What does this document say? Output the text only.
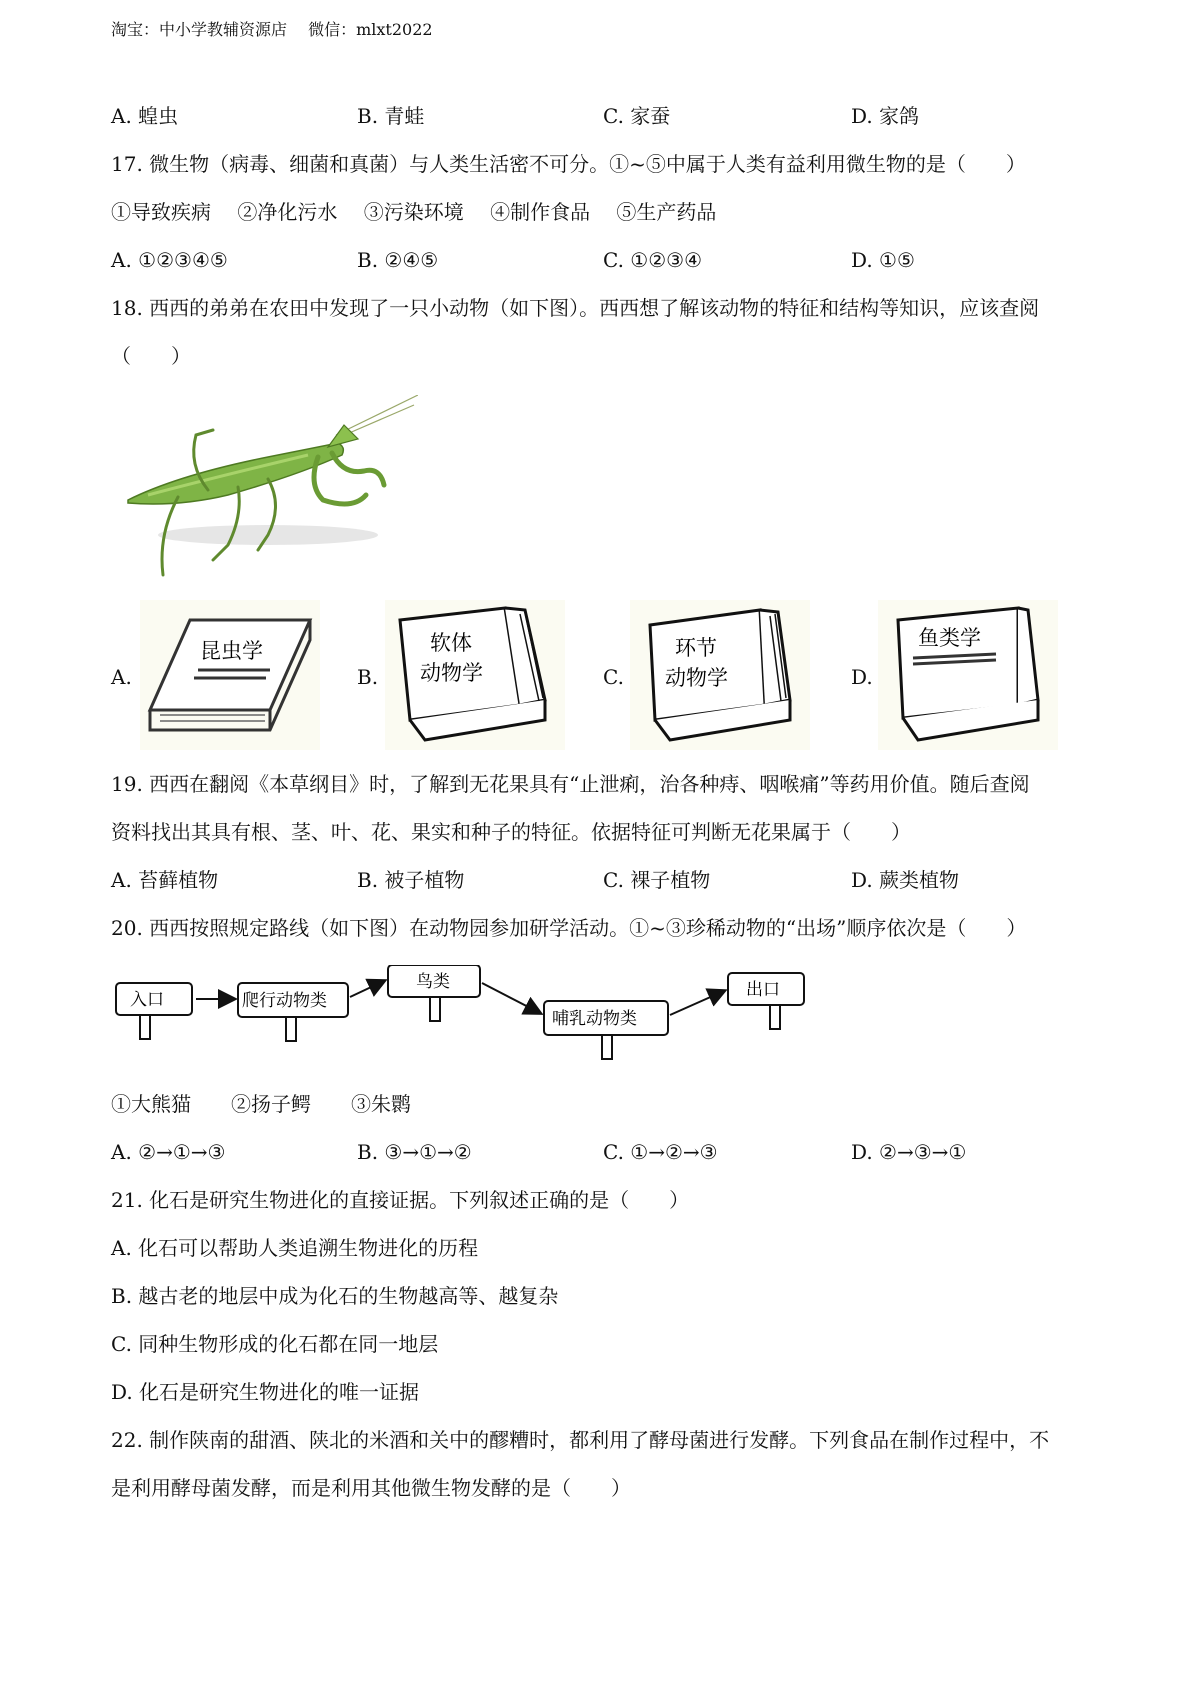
淘宝：中小学教辅资源店　 微信：mlxt2022
A. 蝗虫	B. 青蛙	C. 家蚕	D. 家鸽
17. 微生物（病毒、细菌和真菌）与人类生活密不可分。①~⑤中属于人类有益利用微生物的是（　　）
①导致疾病　 ②净化污水　 ③污染环境　 ④制作食品　 ⑤生产药品
A. ①②③④⑤	B. ②④⑤	C. ①②③④	D. ①⑤
18. 西西的弟弟在农田中发现了一只小动物（如下图）。西西想了解该动物的特征和结构等知识，应该查阅
（　　）
A.
昆虫学
B.
软体
动物学	C.
环节
动物学	D.
鱼类学
19. 西西在翻阅《本草纲目》时，了解到无花果具有“止泄痢，治各种痔、咽喉痛”等药用价值。随后查阅
资料找出其具有根、茎、叶、花、果实和种子的特征。依据特征可判断无花果属于（　　）
A. 苔藓植物	B. 被子植物	C. 裸子植物	D. 蕨类植物
20. 西西按照规定路线（如下图）在动物园参加研学活动。①~③珍稀动物的“出场”顺序依次是（　　）
入口	爬行动物类
鸟类
哺乳动物类
出口
①大熊猫　　②扬子鳄　　③朱鹮
A. ②→①→③	B. ③→①→②	C. ①→②→③	D. ②→③→①
21. 化石是研究生物进化的直接证据。下列叙述正确的是（　　）
A. 化石可以帮助人类追溯生物进化的历程
B. 越古老的地层中成为化石的生物越高等、越复杂
C. 同种生物形成的化石都在同一地层
D. 化石是研究生物进化的唯一证据
22. 制作陕南的甜酒、陕北的米酒和关中的醪糟时，都利用了酵母菌进行发酵。下列食品在制作过程中，不
是利用酵母菌发酵，而是利用其他微生物发酵的是（　　）
